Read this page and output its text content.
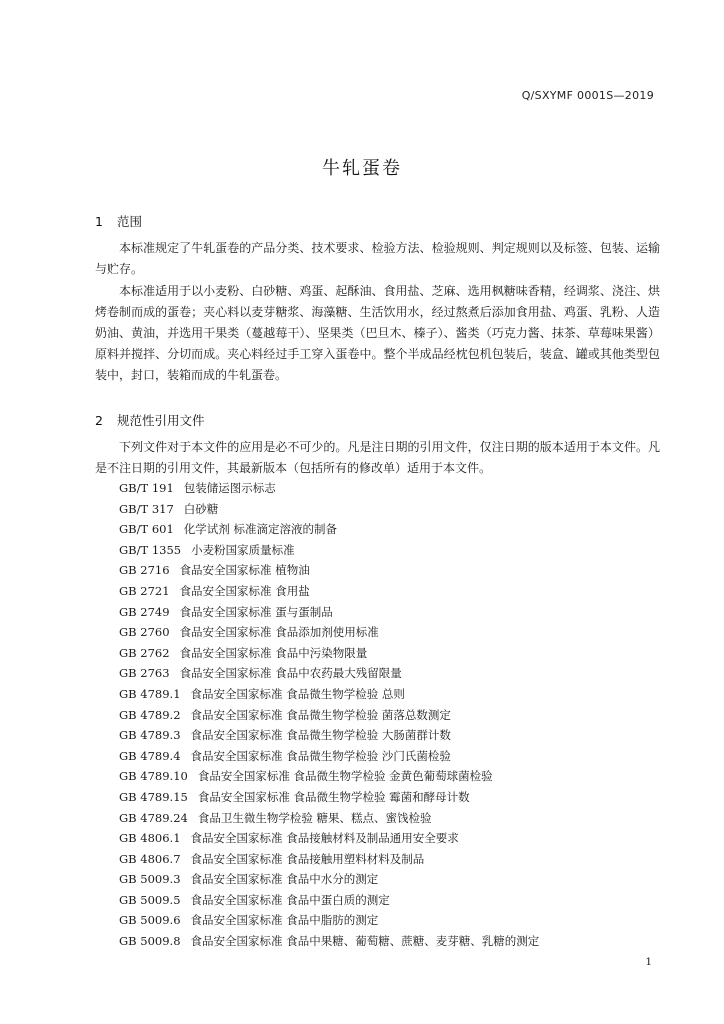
Q/SXYMF 0001S—2019
牛轧蛋卷
1 范围

本标准规定了牛轧蛋卷的产品分类、技术要求、检验方法、检验规则、判定规则以及标签、包装、运输与贮存。

本标准适用于以小麦粉、白砂糖、鸡蛋、起酥油、食用盐、芝麻、选用枫糖味香精，经调浆、浇注、烘烤卷制而成的蛋卷；夹心料以麦芽糖浆、海藻糖、生活饮用水，经过熬煮后添加食用盐、鸡蛋、乳粉、人造奶油、黄油，并选用干果类（蔓越莓干）、坚果类（巴旦木、榛子）、酱类（巧克力酱、抹茶、草莓味果酱）原料并搅拌、分切而成。夹心料经过手工穿入蛋卷中。整个半成品经枕包机包装后，装盒、罐或其他类型包装中，封口，装箱而成的牛轧蛋卷。

2 规范性引用文件

下列文件对于本文件的应用是必不可少的。凡是注日期的引用文件，仅注日期的版本适用于本文件。凡是不注日期的引用文件，其最新版本（包括所有的修改单）适用于本文件。

GB/T 191 包装储运图示标志
GB/T 317 白砂糖
GB/T 601 化学试剂 标准滴定溶液的制备
GB/T 1355 小麦粉国家质量标准
GB 2716 食品安全国家标准 植物油
GB 2721 食品安全国家标准 食用盐
GB 2749 食品安全国家标准 蛋与蛋制品
GB 2760 食品安全国家标准 食品添加剂使用标准
GB 2762 食品安全国家标准 食品中污染物限量
GB 2763 食品安全国家标准 食品中农药最大残留限量
GB 4789.1 食品安全国家标准 食品微生物学检验 总则
GB 4789.2 食品安全国家标准 食品微生物学检验 菌落总数测定
GB 4789.3 食品安全国家标准 食品微生物学检验 大肠菌群计数
GB 4789.4 食品安全国家标准 食品微生物学检验 沙门氏菌检验
GB 4789.10 食品安全国家标准 食品微生物学检验 金黄色葡萄球菌检验
GB 4789.15 食品安全国家标准 食品微生物学检验 霉菌和酵母计数
GB 4789.24 食品卫生微生物学检验 糖果、糕点、蜜饯检验
GB 4806.1 食品安全国家标准 食品接触材料及制品通用安全要求
GB 4806.7 食品安全国家标准 食品接触用塑料材料及制品
GB 5009.3 食品安全国家标准 食品中水分的测定
GB 5009.5 食品安全国家标准 食品中蛋白质的测定
GB 5009.6 食品安全国家标准 食品中脂肪的测定
GB 5009.8 食品安全国家标准 食品中果糖、葡萄糖、蔗糖、麦芽糖、乳糖的测定
1
